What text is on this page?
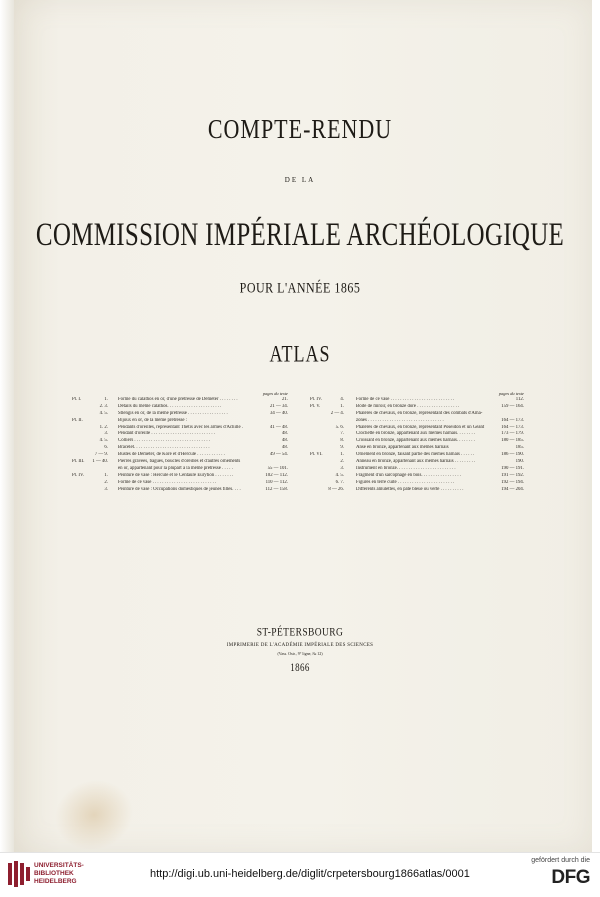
COMPTE-RENDU
DE LA
COMMISSION IMPÉRIALE ARCHÉOLOGIQUE
POUR L'ANNÉE 1865
ATLAS
pages du texte
Pl. I.	1. Forme du calathos en or, d'une prêtresse de Déméter . . . . . . . .	21.
2. 3. Détails du même calathos. . . . . . . . . . . . . . . . . . . . . . .	21 — 34.
4. 5. Stlengis en or, de la même prêtresse . . . . . . . . . . . . . . . . .	34 — 40.
Pl. II.	Bijoux en or, de la même prêtresse :
1. 2. Pendants d'oreilles, représentant Thétis avec les armes d'Achille .	41 — 48.
3. Pendant d'oreille . . . . . . . . . . . . . . . . . . . . . . . . . . .	48.
4. 5. Colliers . . . . . . . . . . . . . . . . . . . . . . . . . . . . . . . .	48.
6. Bracelet. . . . . . . . . . . . . . . . . . . . . . . . . . . . . . . .	48.
7 — 9. Bustes de Déméter, de Koré et d'Hercule . . . . . . . . . . . .	49 — 54.
Pl. III.	1 — 40. Pierres gravées, bagues, boucles d'oreilles et d'autres ornements
en or, appartenant pour la plupart à la même prêtresse . . . . .	55 — 101.
Pl. IV.	1. Peinture de vase : Hercule et le Centaure Eurytion . . . . . . . .	102 — 112.
2. Forme de ce vase . . . . . . . . . . . . . . . . . . . . . . . . . . .	110 — 112.
3. Peinture de vase : Occupations domestiques de jeunes filles. . . .	112 — 158.
pages du texte
Pl. IV.	4.	Forme de ce vase . . . . . . . . . . . . . . . . . . . . . . . . . . .	112.
Pl. V.	1.	Boîte de miroir, en bronze doré . . . . . . . . . . . . . . . . . .	159 — 164.
2 — 4.	Phalères de chevaux, en bronze, représentant des combats d'Ama-
zones . . . . . . . . . . . . . . . . . . . . . . . . . . . . . . . .	164 — 173.
5. 6.	Phalères de chevaux, en bronze, représentant Poseidon et un Géant	164 — 173.
7.	Clochette en bronze, appartenant aux mêmes harnais. . . . . . . .	173 — 179.
8.	Croissant en bronze, appartenant aux mêmes harnais. . . . . . . .	180 — 185.
9.	Anse en bronze, appartenant aux mêmes harnais	185.
Pl. VI.	1.	Ornement en bronze, faisant partie des mêmes harnais . . . . . .	186 — 190.
2.	Anneau en bronze, appartenant aux mêmes harnais . . . . . . . . .	190.
3.	Instrument en bronze. . . . . . . . . . . . . . . . . . . . . . . . .	190 — 191.
4. 5.	Fragment d'un sarcophage en bois. . . . . . . . . . . . . . . . .	191 — 192.
6. 7.	Figures en terre cuite . . . . . . . . . . . . . . . . . . . . . . . .	192 — 194.
8 — 26.	Différents amulettes, en pâte bleue ou verte . . . . . . . . . .	194 — 204.
ST-PÉTERSBOURG
IMPRIMERIE DE L'ACADÉMIE IMPÉRIALE DES SCIENCES
(Vass. Ostr., 9° ligne, № 12)
1866
UNIVERSITÄTS-
BIBLIOTHEK
HEIDELBERG
http://digi.ub.uni-heidelberg.de/diglit/crpetersbourg1866atlas/0001
gefördert durch die
DFG
